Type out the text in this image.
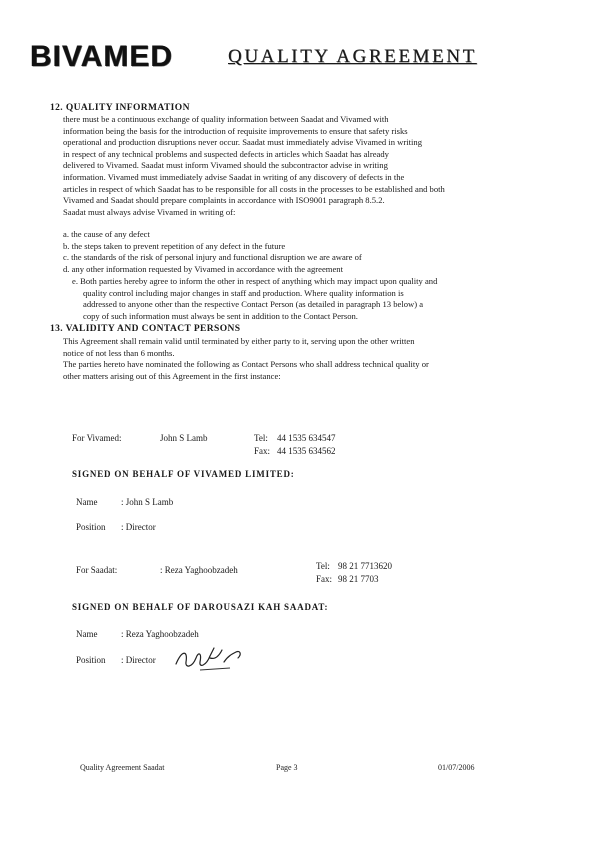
BIVAMED	QUALITY AGREEMENT
12. QUALITY INFORMATION
there must be a continuous exchange of quality information between Saadat and Vivamed with
information being the basis for the introduction of requisite improvements to ensure that safety risks
operational and production disruptions never occur. Saadat must immediately advise Vivamed in writing
in respect of any technical problems and suspected defects in articles which Saadat has already
delivered to Vivamed. Saadat must inform Vivamed should the subcontractor advise in writing
information. Vivamed must immediately advise Saadat in writing of any discovery of defects in the
articles in respect of which Saadat has to be responsible for all costs in the processes to be established and both
Vivamed and Saadat should prepare complaints in accordance with ISO9001 paragraph 8.5.2.
Saadat must always advise Vivamed in writing of:
a. the cause of any defect
b. the steps taken to prevent repetition of any defect in the future
c. the standards of the risk of personal injury and functional disruption we are aware of
d. any other information requested by Vivamed in accordance with the agreement
e. Both parties hereby agree to inform the other in respect of anything which may impact upon quality and
quality control including major changes in staff and production. Where quality information is
addressed to anyone other than the respective Contact Person (as detailed in paragraph 13 below) a
copy of such information must always be sent in addition to the Contact Person.
13. VALIDITY AND CONTACT PERSONS
This Agreement shall remain valid until terminated by either party to it, serving upon the other written
notice of not less than 6 months.
The parties hereto have nominated the following as Contact Persons who shall address technical quality or
other matters arising out of this Agreement in the first instance:
For Vivamed:	John S Lamb	Tel: 44 1535 634547
Fax: 44 1535 634562
SIGNED ON BEHALF OF VIVAMED LIMITED:
Name	: John S Lamb
Position : Director
For Saadat:	: Reza Yaghoobzadeh	Tel: 98 21 7713620
Fax: 98 21 7703
SIGNED ON BEHALF OF DAROUSAZI KAH SAADAT:
Name	: Reza Yaghoobzadeh
Position : Director
Quality Agreement Saadat	Page 3	01/07/2006
